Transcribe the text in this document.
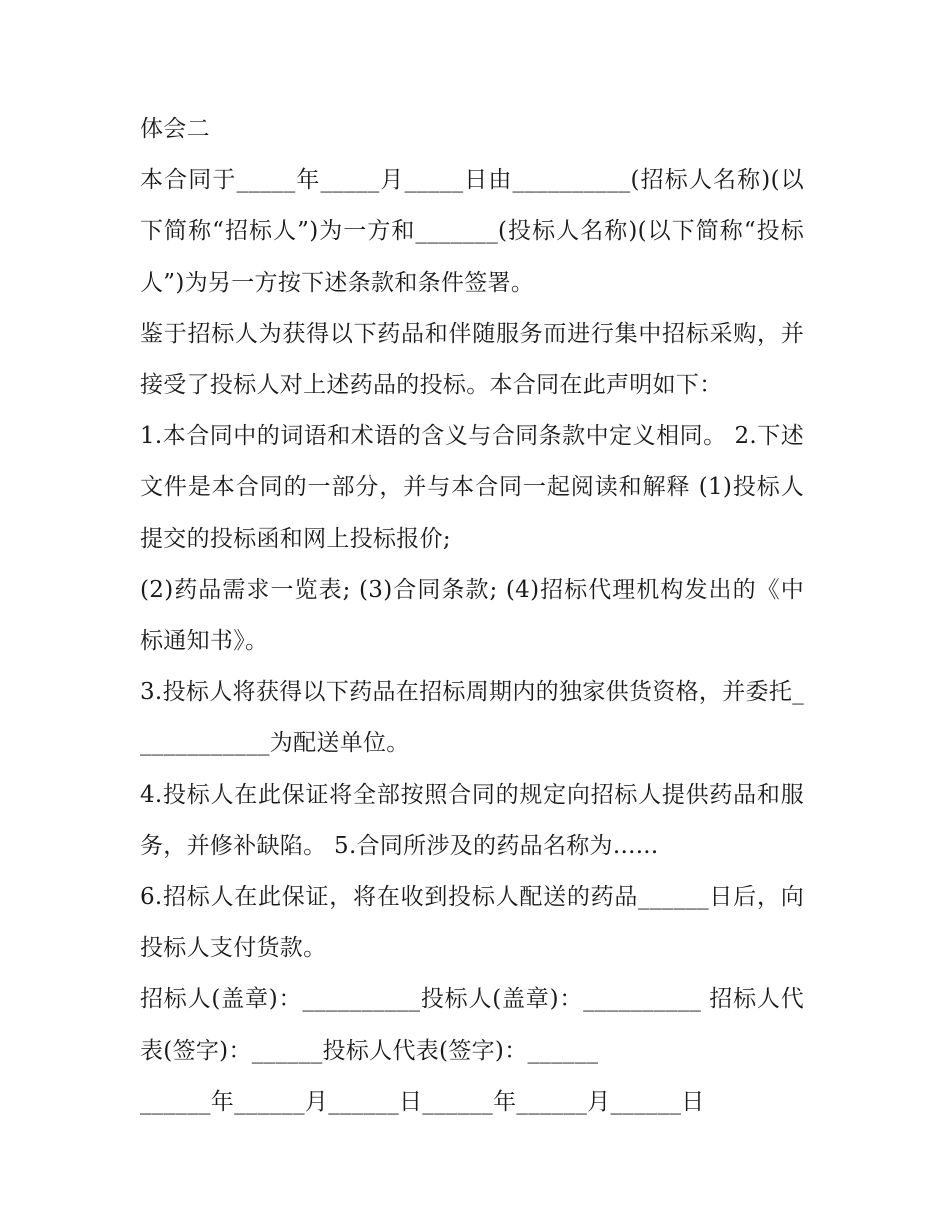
体会二

本合同于_____年_____月_____日由__________(招标人名称)(以下简称“招标人”)为一方和_______(投标人名称)(以下简称“投标人”)为另一方按下述条款和条件签署。

鉴于招标人为获得以下药品和伴随服务而进行集中招标采购，并接受了投标人对上述药品的投标。本合同在此声明如下：

1.本合同中的词语和术语的含义与合同条款中定义相同。 2.下述文件是本合同的一部分，并与本合同一起阅读和解释 (1)投标人提交的投标函和网上投标报价;

(2)药品需求一览表; (3)合同条款; (4)招标代理机构发出的《中标通知书》。

3.投标人将获得以下药品在招标周期内的独家供货资格，并委托____________为配送单位。

4.投标人在此保证将全部按照合同的规定向招标人提供药品和服务，并修补缺陷。 5.合同所涉及的药品名称为......

6.招标人在此保证，将在收到投标人配送的药品______日后，向投标人支付货款。

招标人(盖章)：__________投标人(盖章)：__________ 招标人代表(签字)：______投标人代表(签字)：______

______年______月______日______年______月______日
